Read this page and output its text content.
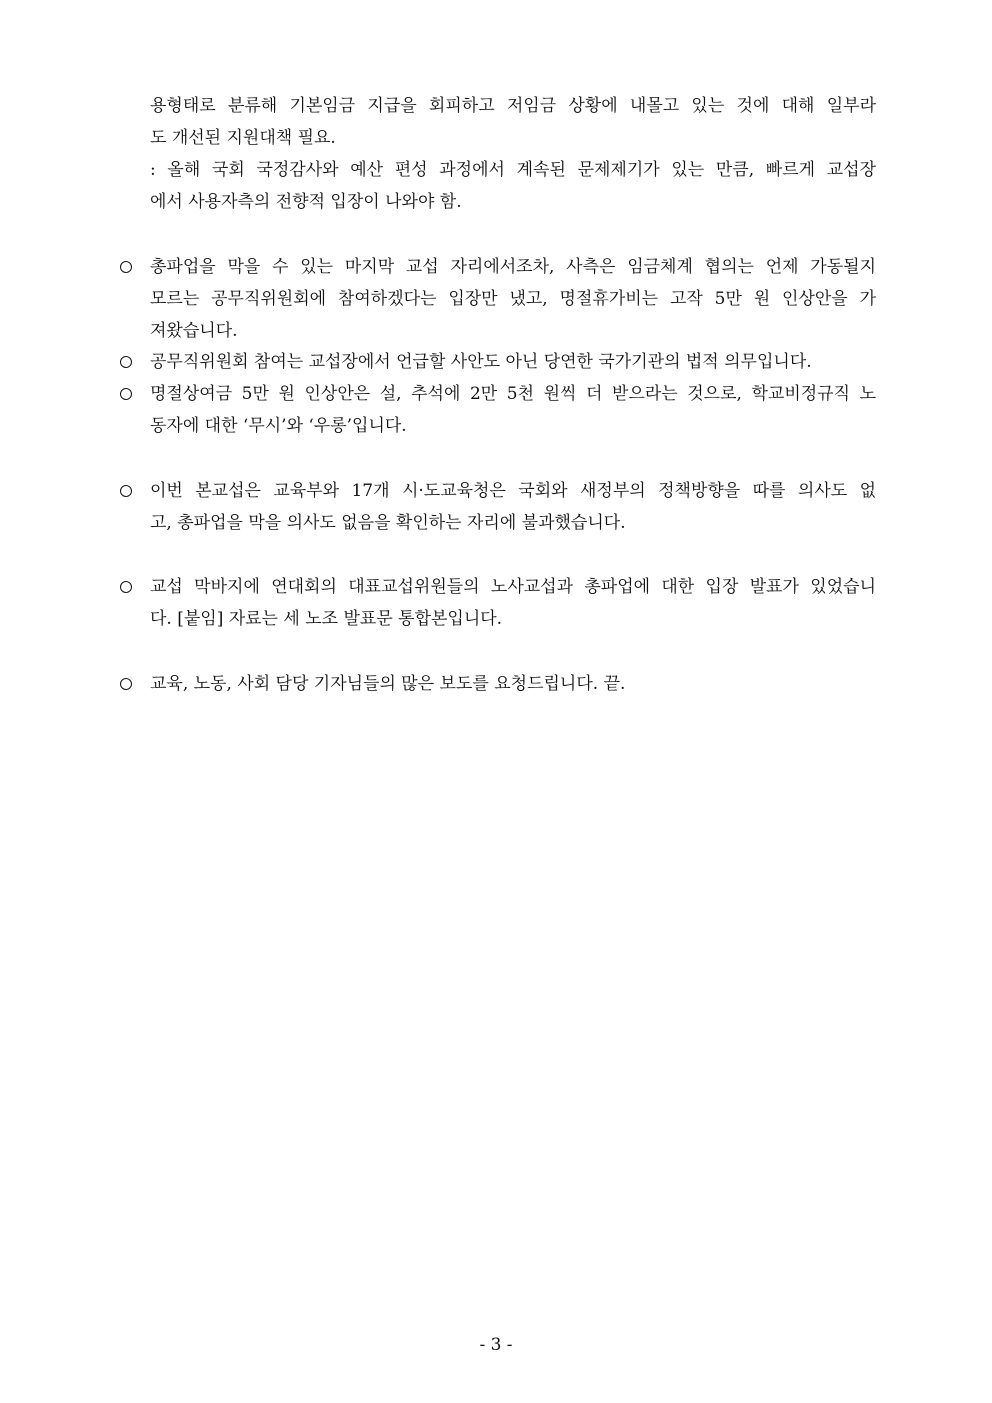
용형태로 분류해 기본임금 지급을 회피하고 저임금 상황에 내몰고 있는 것에 대해 일부라
도 개선된 지원대책 필요.
: 올해 국회 국정감사와 예산 편성 과정에서 계속된 문제제기가 있는 만큼, 빠르게 교섭장
에서 사용자측의 전향적 입장이 나와야 함.
총파업을 막을 수 있는 마지막 교섭 자리에서조차, 사측은 임금체계 협의는 언제 가동될지
모르는 공무직위원회에 참여하겠다는 입장만 냈고, 명절휴가비는 고작 5만 원 인상안을 가
져왔습니다.
공무직위원회 참여는 교섭장에서 언급할 사안도 아닌 당연한 국가기관의 법적 의무입니다.
명절상여금 5만 원 인상안은 설, 추석에 2만 5천 원씩 더 받으라는 것으로, 학교비정규직 노
동자에 대한 ‘무시’와 ‘우롱’입니다.
이번 본교섭은 교육부와 17개 시·도교육청은 국회와 새정부의 정책방향을 따를 의사도 없
고, 총파업을 막을 의사도 없음을 확인하는 자리에 불과했습니다.
교섭 막바지에 연대회의 대표교섭위원들의 노사교섭과 총파업에 대한 입장 발표가 있었습니
다. [붙임] 자료는 세 노조 발표문 통합본입니다.
교육, 노동, 사회 담당 기자님들의 많은 보도를 요청드립니다. 끝.
- 3 -
